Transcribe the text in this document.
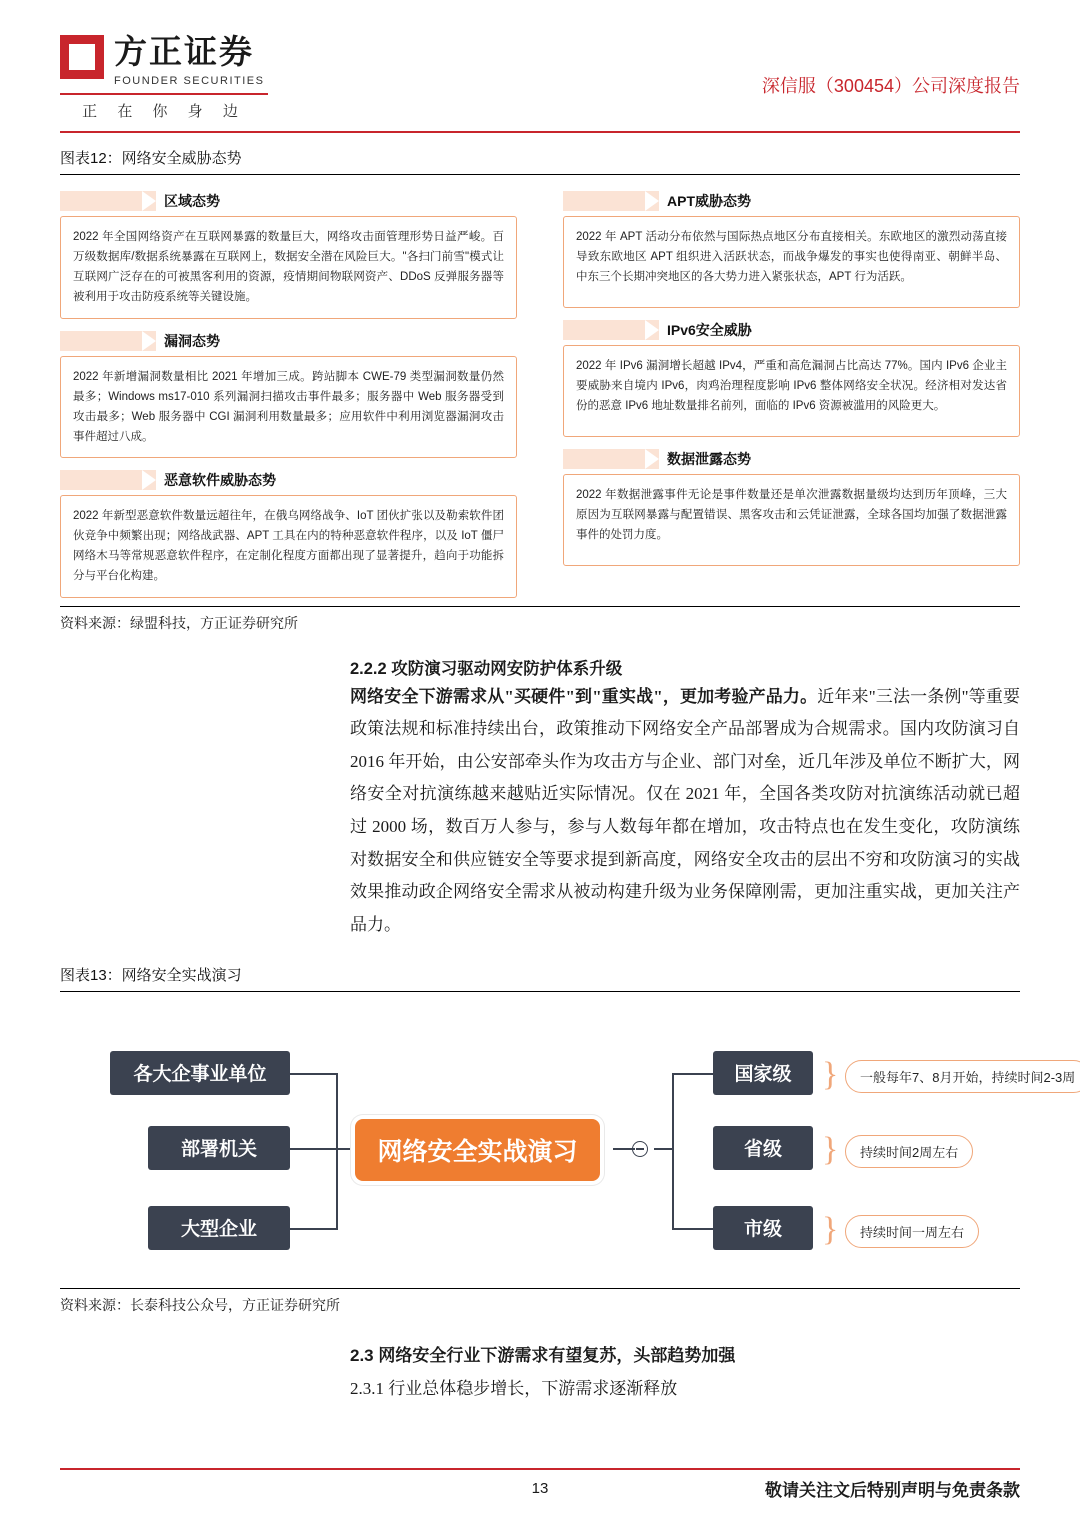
方正证券
FOUNDER SECURITIES
正 在 你 身 边
深信服（300454）公司深度报告
图表12：网络安全威胁态势
区域态势
2022 年全国网络资产在互联网暴露的数量巨大，网络攻击面管理形势日益严峻。百万级数据库/数据系统暴露在互联网上，数据安全潜在风险巨大。"各扫门前雪"模式让互联网广泛存在的可被黑客利用的资源，疫情期间物联网资产、DDoS 反弹服务器等被利用于攻击防疫系统等关键设施。
漏洞态势
2022 年新增漏洞数量相比 2021 年增加三成。跨站脚本 CWE-79 类型漏洞数量仍然最多；Windows ms17-010 系列漏洞扫描攻击事件最多；服务器中 Web 服务器受到攻击最多；Web 服务器中 CGI 漏洞利用数量最多；应用软件中利用浏览器漏洞攻击事件超过八成。
恶意软件威胁态势
2022 年新型恶意软件数量远超往年，在俄乌网络战争、IoT 团伙扩张以及勒索软件团伙竞争中频繁出现；网络战武器、APT 工具在内的特种恶意软件程序，以及 IoT 僵尸网络木马等常规恶意软件程序，在定制化程度方面都出现了显著提升，趋向于功能拆分与平台化构建。
APT威胁态势
2022 年 APT 活动分布依然与国际热点地区分布直接相关。东欧地区的激烈动荡直接导致东欧地区 APT 组织进入活跃状态，而战争爆发的事实也使得南亚、朝鲜半岛、中东三个长期冲突地区的各大势力进入紧张状态，APT 行为活跃。
IPv6安全威胁
2022 年 IPv6 漏洞增长超越 IPv4，严重和高危漏洞占比高达 77%。国内 IPv6 企业主要威胁来自境内 IPv6，肉鸡治理程度影响 IPv6 整体网络安全状况。经济相对发达省份的恶意 IPv6 地址数量排名前列，面临的 IPv6 资源被滥用的风险更大。
数据泄露态势
2022 年数据泄露事件无论是事件数量还是单次泄露数据量级均达到历年顶峰，三大原因为互联网暴露与配置错误、黑客攻击和云凭证泄露，全球各国均加强了数据泄露事件的处罚力度。
资料来源：绿盟科技，方正证券研究所
2.2.2 攻防演习驱动网安防护体系升级
网络安全下游需求从"买硬件"到"重实战"，更加考验产品力。近年来"三法一条例"等重要政策法规和标准持续出台，政策推动下网络安全产品部署成为合规需求。国内攻防演习自 2016 年开始，由公安部牵头作为攻击方与企业、部门对垒，近几年涉及单位不断扩大，网络安全对抗演练越来越贴近实际情况。仅在 2021 年，全国各类攻防对抗演练活动就已超过 2000 场，数百万人参与，参与人数每年都在增加，攻击特点也在发生变化，攻防演练对数据安全和供应链安全等要求提到新高度，网络安全攻击的层出不穷和攻防演习的实战效果推动政企网络安全需求从被动构建升级为业务保障刚需，更加注重实战，更加关注产品力。
图表13：网络安全实战演习
各大企事业单位
部署机关
大型企业
网络安全实战演习
国家级
省级
市级
}
}
}
一般每年7、8月开始，持续时间2-3周
持续时间2周左右
持续时间一周左右
资料来源：长泰科技公众号，方正证券研究所
2.3 网络安全行业下游需求有望复苏，头部趋势加强
2.3.1 行业总体稳步增长，下游需求逐渐释放
13	敬请关注文后特别声明与免责条款
